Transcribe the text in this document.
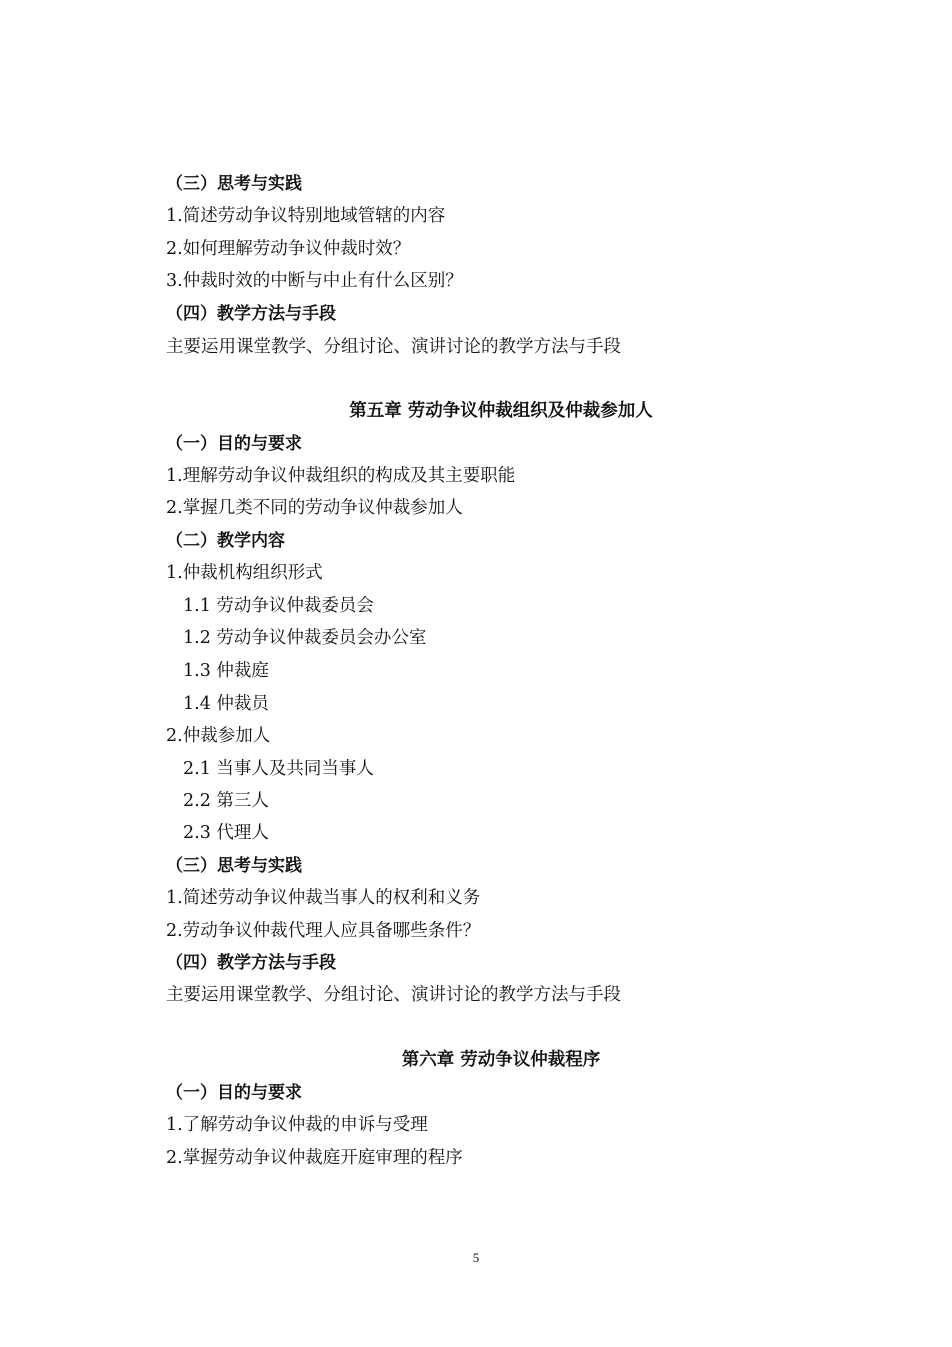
（三）思考与实践
1.简述劳动争议特别地域管辖的内容
2.如何理解劳动争议仲裁时效？
3.仲裁时效的中断与中止有什么区别？
（四）教学方法与手段
主要运用课堂教学、分组讨论、演讲讨论的教学方法与手段
第五章 劳动争议仲裁组织及仲裁参加人
（一）目的与要求
1.理解劳动争议仲裁组织的构成及其主要职能
2.掌握几类不同的劳动争议仲裁参加人
（二）教学内容
1.仲裁机构组织形式
1.1 劳动争议仲裁委员会
1.2 劳动争议仲裁委员会办公室
1.3 仲裁庭
1.4 仲裁员
2.仲裁参加人
2.1 当事人及共同当事人
2.2 第三人
2.3 代理人
（三）思考与实践
1.简述劳动争议仲裁当事人的权利和义务
2.劳动争议仲裁代理人应具备哪些条件？
（四）教学方法与手段
主要运用课堂教学、分组讨论、演讲讨论的教学方法与手段
第六章 劳动争议仲裁程序
（一）目的与要求
1.了解劳动争议仲裁的申诉与受理
2.掌握劳动争议仲裁庭开庭审理的程序
5
